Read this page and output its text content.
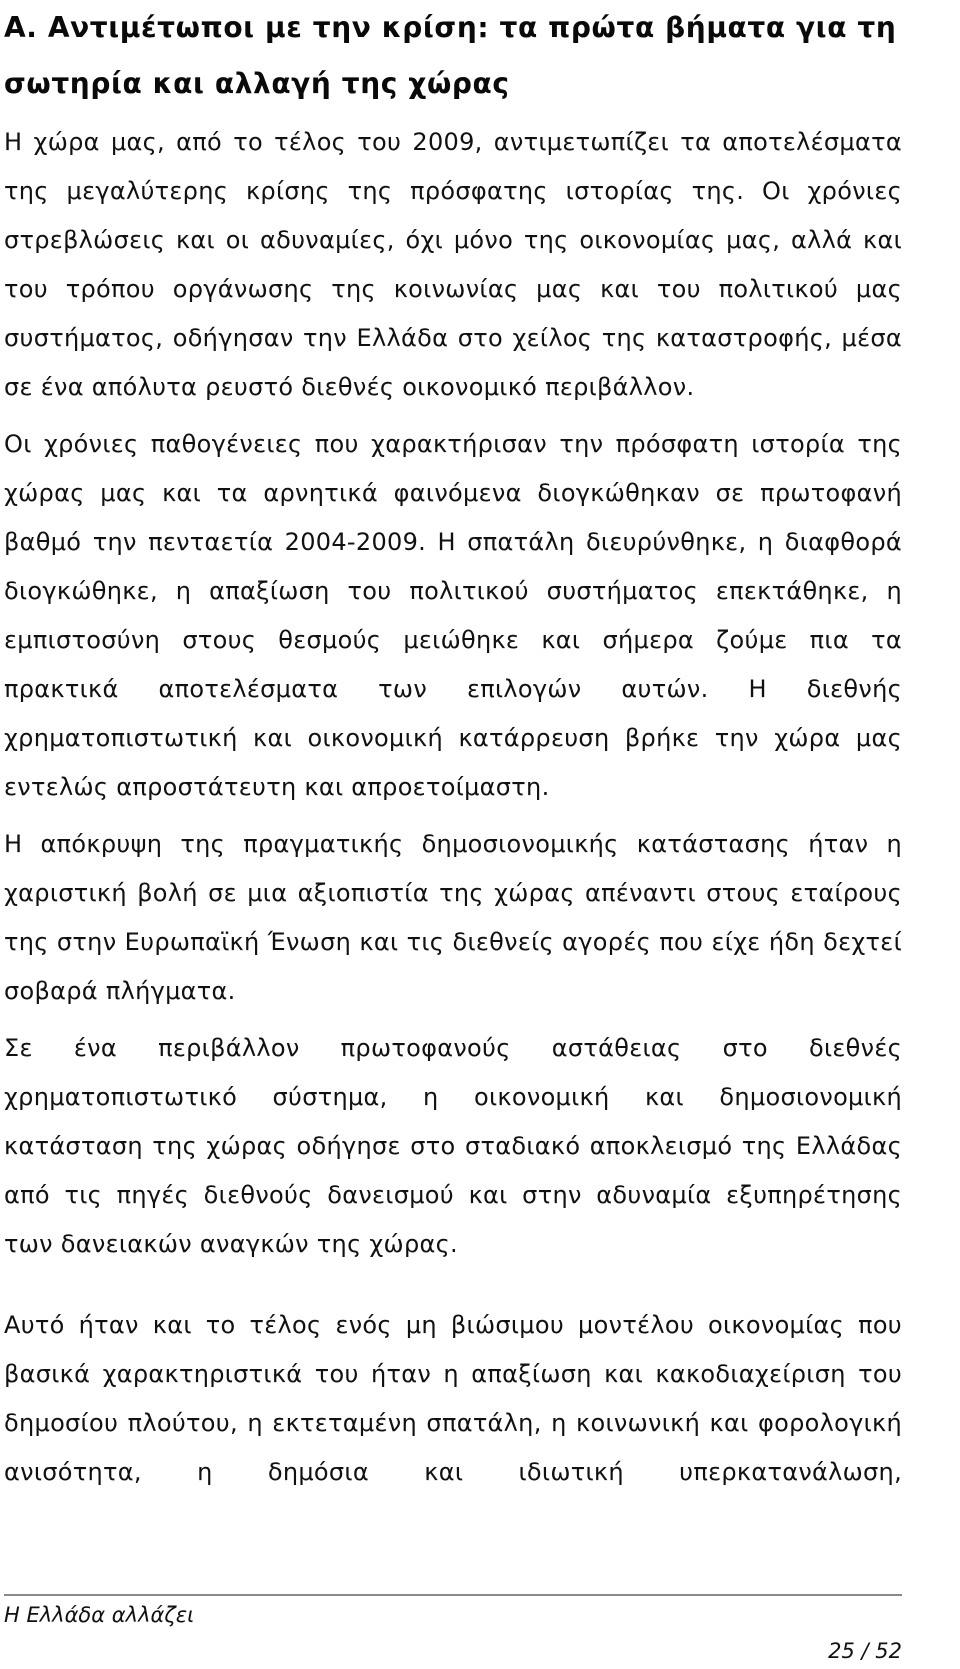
Α. Αντιμέτωποι με την κρίση: τα πρώτα βήματα για τη σωτηρία και αλλαγή της χώρας

Η χώρα μας, από το τέλος του 2009, αντιμετωπίζει τα αποτελέσματα της μεγαλύτερης κρίσης της πρόσφατης ιστορίας της. Οι χρόνιες στρεβλώσεις και οι αδυναμίες, όχι μόνο της οικονομίας μας, αλλά και του τρόπου οργάνωσης της κοινωνίας μας και του πολιτικού μας συστήματος, οδήγησαν την Ελλάδα στο χείλος της καταστροφής, μέσα σε ένα απόλυτα ρευστό διεθνές οικονομικό περιβάλλον.

Οι χρόνιες παθογένειες που χαρακτήρισαν την πρόσφατη ιστορία της χώρας μας και τα αρνητικά φαινόμενα διογκώθηκαν σε πρωτοφανή βαθμό την πενταετία 2004-2009. Η σπατάλη διευρύνθηκε, η διαφθορά διογκώθηκε, η απαξίωση του πολιτικού συστήματος επεκτάθηκε, η εμπιστοσύνη στους θεσμούς μειώθηκε και σήμερα ζούμε πια τα πρακτικά αποτελέσματα των επιλογών αυτών. Η διεθνής χρηματοπιστωτική και οικονομική κατάρρευση βρήκε την χώρα μας εντελώς απροστάτευτη και απροετοίμαστη.

Η απόκρυψη της πραγματικής δημοσιονομικής κατάστασης ήταν η χαριστική βολή σε μια αξιοπιστία της χώρας απέναντι στους εταίρους της στην Ευρωπαϊκή Ένωση και τις διεθνείς αγορές που είχε ήδη δεχτεί σοβαρά πλήγματα.

Σε ένα περιβάλλον πρωτοφανούς αστάθειας στο διεθνές χρηματοπιστωτικό σύστημα, η οικονομική και δημοσιονομική κατάσταση της χώρας οδήγησε στο σταδιακό αποκλεισμό της Ελλάδας από τις πηγές διεθνούς δανεισμού και στην αδυναμία εξυπηρέτησης των δανειακών αναγκών της χώρας.

Αυτό ήταν και το τέλος ενός μη βιώσιμου μοντέλου οικονομίας που βασικά χαρακτηριστικά του ήταν η απαξίωση και κακοδιαχείριση του δημοσίου πλούτου, η εκτεταμένη σπατάλη, η κοινωνική και φορολογική ανισότητα, η δημόσια και ιδιωτική υπερκατανάλωση,

Η Ελλάδα αλλάζει
25 / 52
